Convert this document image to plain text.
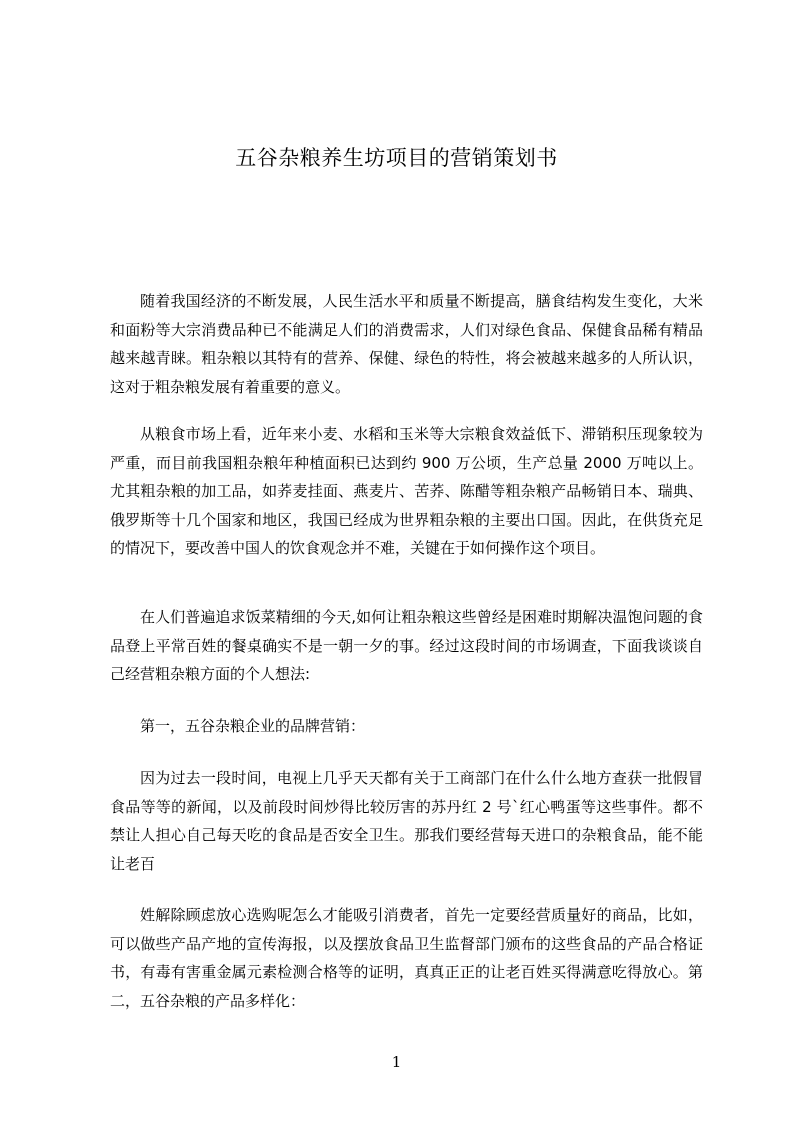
五谷杂粮养生坊项目的营销策划书

随着我国经济的不断发展，人民生活水平和质量不断提高，膳食结构发生变化，大米和面粉等大宗消费品种已不能满足人们的消费需求，人们对绿色食品、保健食品稀有精品越来越青睐。粗杂粮以其特有的营养、保健、绿色的特性，将会被越来越多的人所认识，这对于粗杂粮发展有着重要的意义。

从粮食市场上看，近年来小麦、水稻和玉米等大宗粮食效益低下、滞销积压现象较为严重，而目前我国粗杂粮年种植面积已达到约 900 万公顷，生产总量 2000 万吨以上。尤其粗杂粮的加工品，如荞麦挂面、燕麦片、苦荞、陈醋等粗杂粮产品畅销日本、瑞典、俄罗斯等十几个国家和地区，我国已经成为世界粗杂粮的主要出口国。因此，在供货充足的情况下，要改善中国人的饮食观念并不难，关键在于如何操作这个项目。

在人们普遍追求饭菜精细的今天,如何让粗杂粮这些曾经是困难时期解决温饱问题的食品登上平常百姓的餐桌确实不是一朝一夕的事。经过这段时间的市场调查，下面我谈谈自己经营粗杂粮方面的个人想法:

第一，五谷杂粮企业的品牌营销：

因为过去一段时间，电视上几乎天天都有关于工商部门在什么什么地方查获一批假冒食品等等的新闻，以及前段时间炒得比较厉害的苏丹红 2 号`红心鸭蛋等这些事件。都不禁让人担心自己每天吃的食品是否安全卫生。那我们要经营每天进口的杂粮食品，能不能让老百

姓解除顾虑放心选购呢怎么才能吸引消费者，首先一定要经营质量好的商品，比如，可以做些产品产地的宣传海报，以及摆放食品卫生监督部门颁布的这些食品的产品合格证书，有毒有害重金属元素检测合格等的证明，真真正正的让老百姓买得满意吃得放心。第二，五谷杂粮的产品多样化：

1
